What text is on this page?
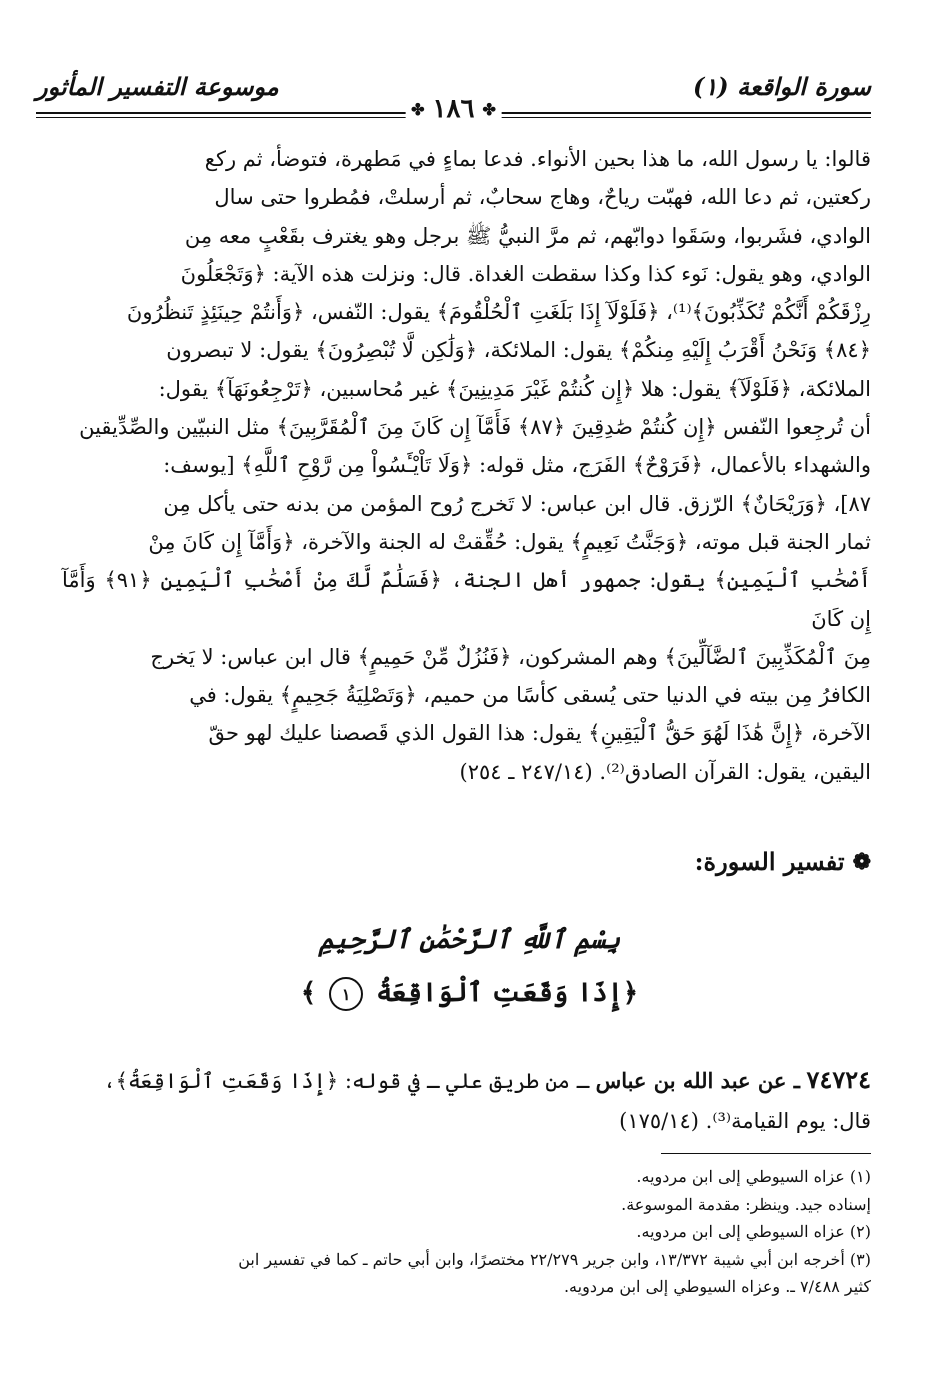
سورة الواقعة (١)
موسوعة التفسير المأثور
✤
١٨٦
✤

قالوا: يا رسول الله، ما هذا بحين الأنواء. فدعا بماءٍ في مَطهرة، فتوضأ، ثم ركع

ركعتين، ثم دعا الله، فهبّت رياحٌ، وهاج سحابٌ، ثم أرسلتْ، فمُطروا حتى سال

الوادي، فشَربوا، وسَقَوا دوابّهم، ثم مرَّ النبيُّ ﷺ برجل وهو يغترف بقَعْبٍ معه مِن

الوادي، وهو يقول: نَوء كذا وكذا سقطت الغداة. قال: ونزلت هذه الآية: ﴿وَتَجْعَلُونَ

رِزْقَكُمْ أَنَّكُمْ تُكَذِّبُونَ﴾⁽¹⁾، ﴿فَلَوْلَآ إِذَا بَلَغَتِ ٱلْحُلْقُومَ﴾ يقول: النّفس، ﴿وَأَنتُمْ حِينَئِذٍ تَنظُرُونَ

﴿٨٤﴾ وَنَحْنُ أَقْرَبُ إِلَيْهِ مِنكُمْ﴾ يقول: الملائكة، ﴿وَلَٰكِن لَّا تُبْصِرُونَ﴾ يقول: لا تبصرون

الملائكة، ﴿فَلَوْلَآ﴾ يقول: هلا ﴿إِن كُنتُمْ غَيْرَ مَدِينِينَ﴾ غير مُحاسبين، ﴿تَرْجِعُونَهَآ﴾ يقول:

أن تُرجِعوا النّفس ﴿إِن كُنتُمْ صَٰدِقِينَ ﴿٨٧﴾ فَأَمَّآ إِن كَانَ مِنَ ٱلْمُقَرَّبِينَ﴾ مثل النبيّين والصِّدِّيقين

والشهداء بالأعمال، ﴿فَرَوْحٌ﴾ الفَرَج، مثل قوله: ﴿وَلَا تَاْيْـَٔسُواْ مِن رَّوْحِ ٱللَّهِ﴾ [يوسف:

٨٧]، ﴿وَرَيْحَانٌ﴾ الرّزق. قال ابن عباس: لا تَخرج رُوح المؤمن من بدنه حتى يأكل مِن

ثمار الجنة قبل موته، ﴿وَجَنَّتُ نَعِيمٍ﴾ يقول: حُقِّقتْ له الجنة والآخرة، ﴿وَأَمَّآ إِن كَانَ مِنْ

أَصْحَٰبِ ٱلْيَمِينِ﴾ يقول: جمهور أهل الجنة، ﴿فَسَلَٰمٌ لَّكَ مِنْ أَصْحَٰبِ ٱلْيَمِينِ ﴿٩١﴾ وَأَمَّآ إِن كَانَ

مِنَ ٱلْمُكَذِّبِينَ ٱلضَّآلِّينَ﴾ وهم المشركون، ﴿فَنُزُلٌ مِّنْ حَمِيمٍ﴾ قال ابن عباس: لا يَخرج

الكافرُ مِن بيته في الدنيا حتى يُسقى كأسًا من حميم، ﴿وَتَصْلِيَةُ جَحِيمٍ﴾ يقول: في

الآخرة، ﴿إِنَّ هَٰذَا لَهُوَ حَقُّ ٱلْيَقِينِ﴾ يقول: هذا القول الذي قَصصنا عليك لهو حقّ

اليقين، يقول: القرآن الصادق⁽²⁾. (٢٤٧/١٤ ـ ٢٥٤)

❁
تفسير السورة:
بِسْمِ ٱللَّهِ ٱلرَّحْمَٰنِ ٱلرَّحِيمِ
﴿إِذَا وَقَعَتِ ٱلْوَاقِعَةُ ١ ﴾
٧٤٧٢٤ ـ عن عبد الله بن عباس ـ من طريق علي ـ في قوله: ﴿إِذَا وَقَعَتِ ٱلْوَاقِعَةُ﴾،
قال: يوم القيامة⁽³⁾. (١٧٥/١٤)

(١) عزاه السيوطي إلى ابن مردويه.

إسناده جيد. وينظر: مقدمة الموسوعة.

(٢) عزاه السيوطي إلى ابن مردويه.

(٣) أخرجه ابن أبي شيبة ١٣/٣٧٢، وابن جرير ٢٢/٢٧٩ مختصرًا، وابن أبي حاتم ـ كما في تفسير ابن

كثير ٧/٤٨٨ ـ. وعزاه السيوطي إلى ابن مردويه.
